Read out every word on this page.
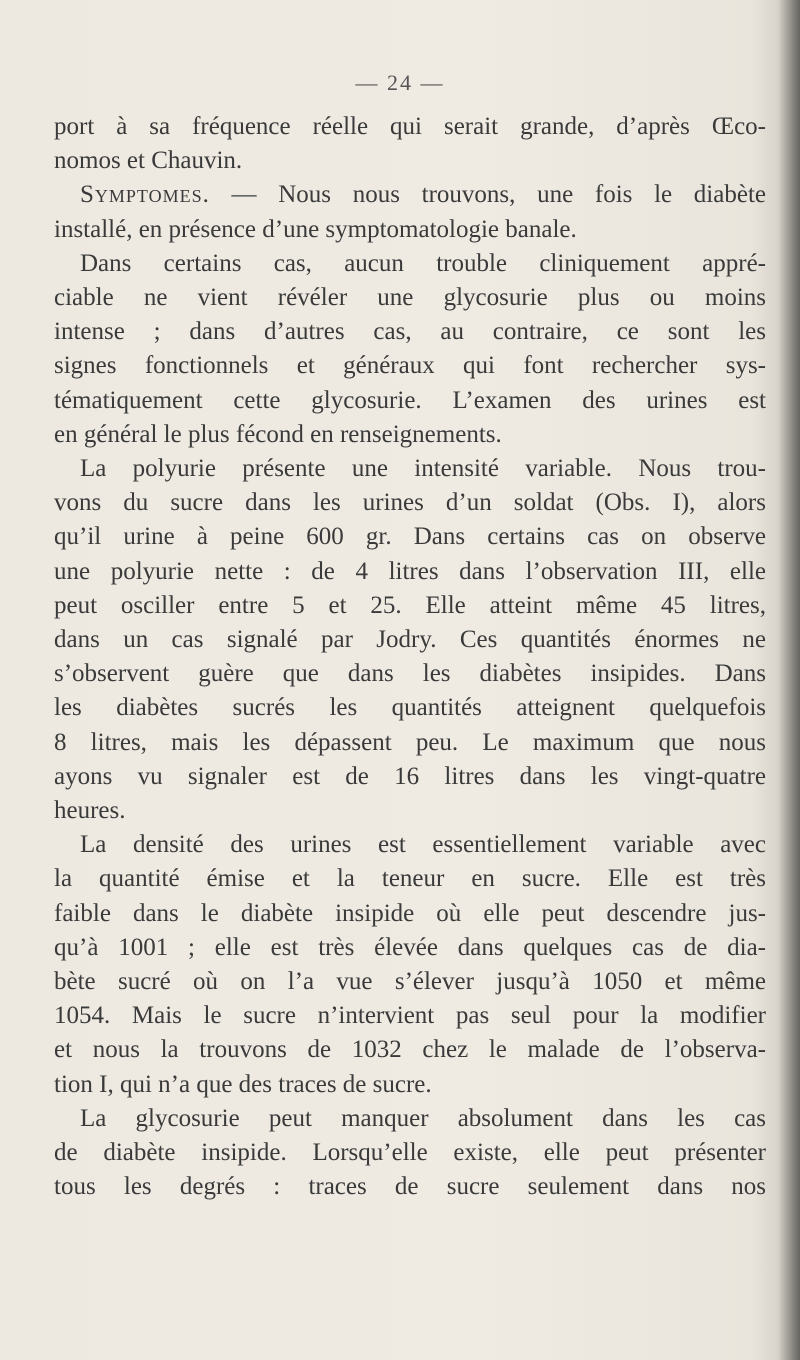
— 24 —
port à sa fréquence réelle qui serait grande, d’après Œco-
nomos et Chauvin.
Symptomes. — Nous nous trouvons, une fois le diabète
installé, en présence d’une symptomatologie banale.
Dans certains cas, aucun trouble cliniquement appré-
ciable ne vient révéler une glycosurie plus ou moins
intense ; dans d’autres cas, au contraire, ce sont les
signes fonctionnels et généraux qui font rechercher sys-
tématiquement cette glycosurie. L’examen des urines est
en général le plus fécond en renseignements.
La polyurie présente une intensité variable. Nous trou-
vons du sucre dans les urines d’un soldat (Obs. I), alors
qu’il urine à peine 600 gr. Dans certains cas on observe
une polyurie nette : de 4 litres dans l’observation III, elle
peut osciller entre 5 et 25. Elle atteint même 45 litres,
dans un cas signalé par Jodry. Ces quantités énormes ne
s’observent guère que dans les diabètes insipides. Dans
les diabètes sucrés les quantités atteignent quelquefois
8 litres, mais les dépassent peu. Le maximum que nous
ayons vu signaler est de 16 litres dans les vingt-quatre
heures.
La densité des urines est essentiellement variable avec
la quantité émise et la teneur en sucre. Elle est très
faible dans le diabète insipide où elle peut descendre jus-
qu’à 1001 ; elle est très élevée dans quelques cas de dia-
bète sucré où on l’a vue s’élever jusqu’à 1050 et même
1054. Mais le sucre n’intervient pas seul pour la modifier
et nous la trouvons de 1032 chez le malade de l’observa-
tion I, qui n’a que des traces de sucre.
La glycosurie peut manquer absolument dans les cas
de diabète insipide. Lorsqu’elle existe, elle peut présenter
tous les degrés : traces de sucre seulement dans nos
